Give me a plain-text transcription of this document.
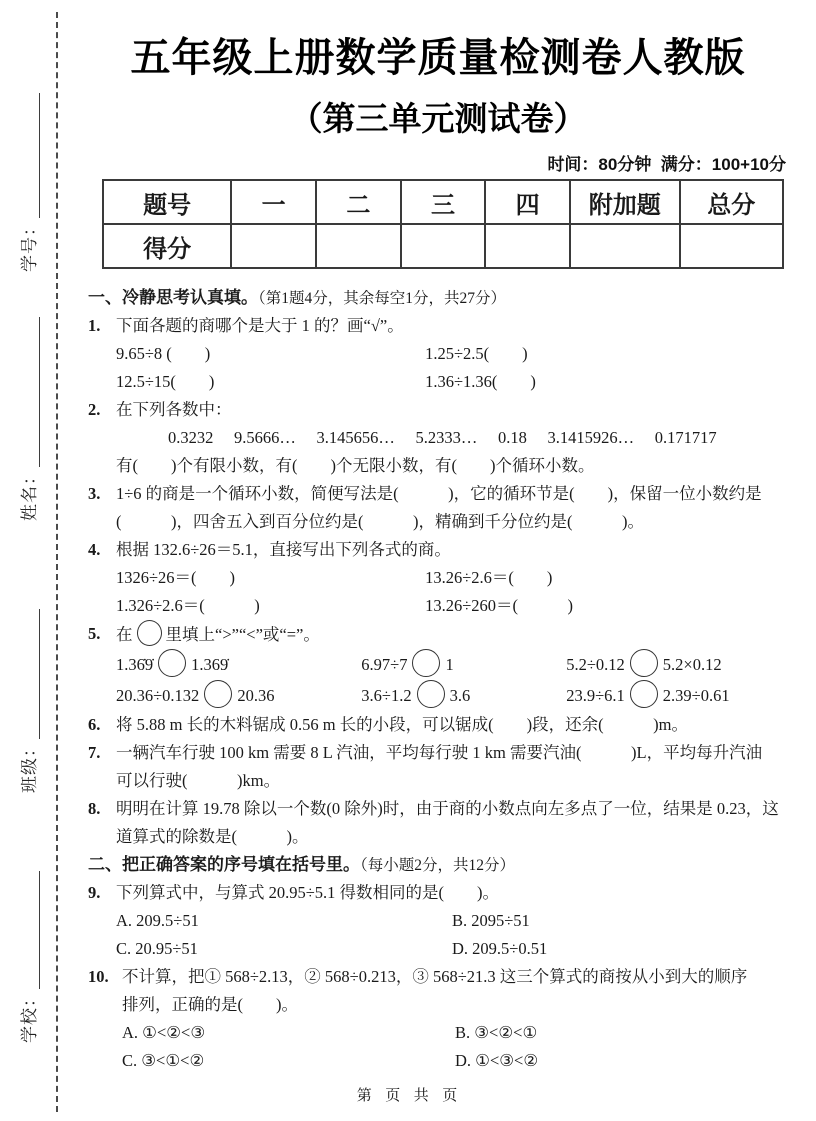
学校：
班级：
姓名：
学号：
五年级上册数学质量检测卷人教版
（第三单元测试卷）
时间：80分钟  满分：100+10分
题号	一	二	三	四	附加题	总分
得分						
一、冷静思考认真填。（第1题4分，其余每空1分，共27分）
1. 下面各题的商哪个是大于 1 的？画“√”。
9.65÷8 (　　)	1.25÷2.5(　　)
12.5÷15(　　)	1.36÷1.36(　　)
2. 在下列各数中：
0.3232　 9.5666…　 3.145656…　 5.2333…　 0.18　 3.1415926…　 0.171717
有(　　)个有限小数，有(　　)个无限小数，有(　　)个循环小数。
3. 1÷6 的商是一个循环小数，简便写法是(　　　)，它的循环节是(　　)，保留一位小数约是
(　　　)，四舍五入到百分位约是(　　　)，精确到千分位约是(　　　)。
4. 根据 132.6÷26＝5.1，直接写出下列各式的商。
1326÷26＝(　　)	13.26÷2.6＝(　　)
1.326÷2.6＝(　　　)	13.26÷260＝(　　　)
5. 在 里填上“>”“<”或“=”。
1.36̇9̇ 1.369̇	6.97÷7 1	5.2÷0.12 5.2×0.12
20.36÷0.132 20.36	3.6÷1.2 3.6	23.9÷6.1 2.39÷0.61
6. 将 5.88 m 长的木料锯成 0.56 m 长的小段，可以锯成(　　)段，还余(　　　)m。
7. 一辆汽车行驶 100 km 需要 8 L 汽油，平均每行驶 1 km 需要汽油(　　　)L，平均每升汽油
可以行驶(　　　)km。
8. 明明在计算 19.78 除以一个数(0 除外)时，由于商的小数点向左多点了一位，结果是 0.23，这
道算式的除数是(　　　)。
二、把正确答案的序号填在括号里。（每小题2分，共12分）
9. 下列算式中，与算式 20.95÷5.1 得数相同的是(　　)。
A. 209.5÷51	B. 2095÷51
C. 20.95÷51	D. 209.5÷0.51
10. 不计算，把① 568÷2.13，② 568÷0.213，③ 568÷21.3 这三个算式的商按从小到大的顺序
排列，正确的是(　　)。
A. ①<②<③	B. ③<②<①
C. ③<①<②	D. ①<③<②
第  页  共  页
